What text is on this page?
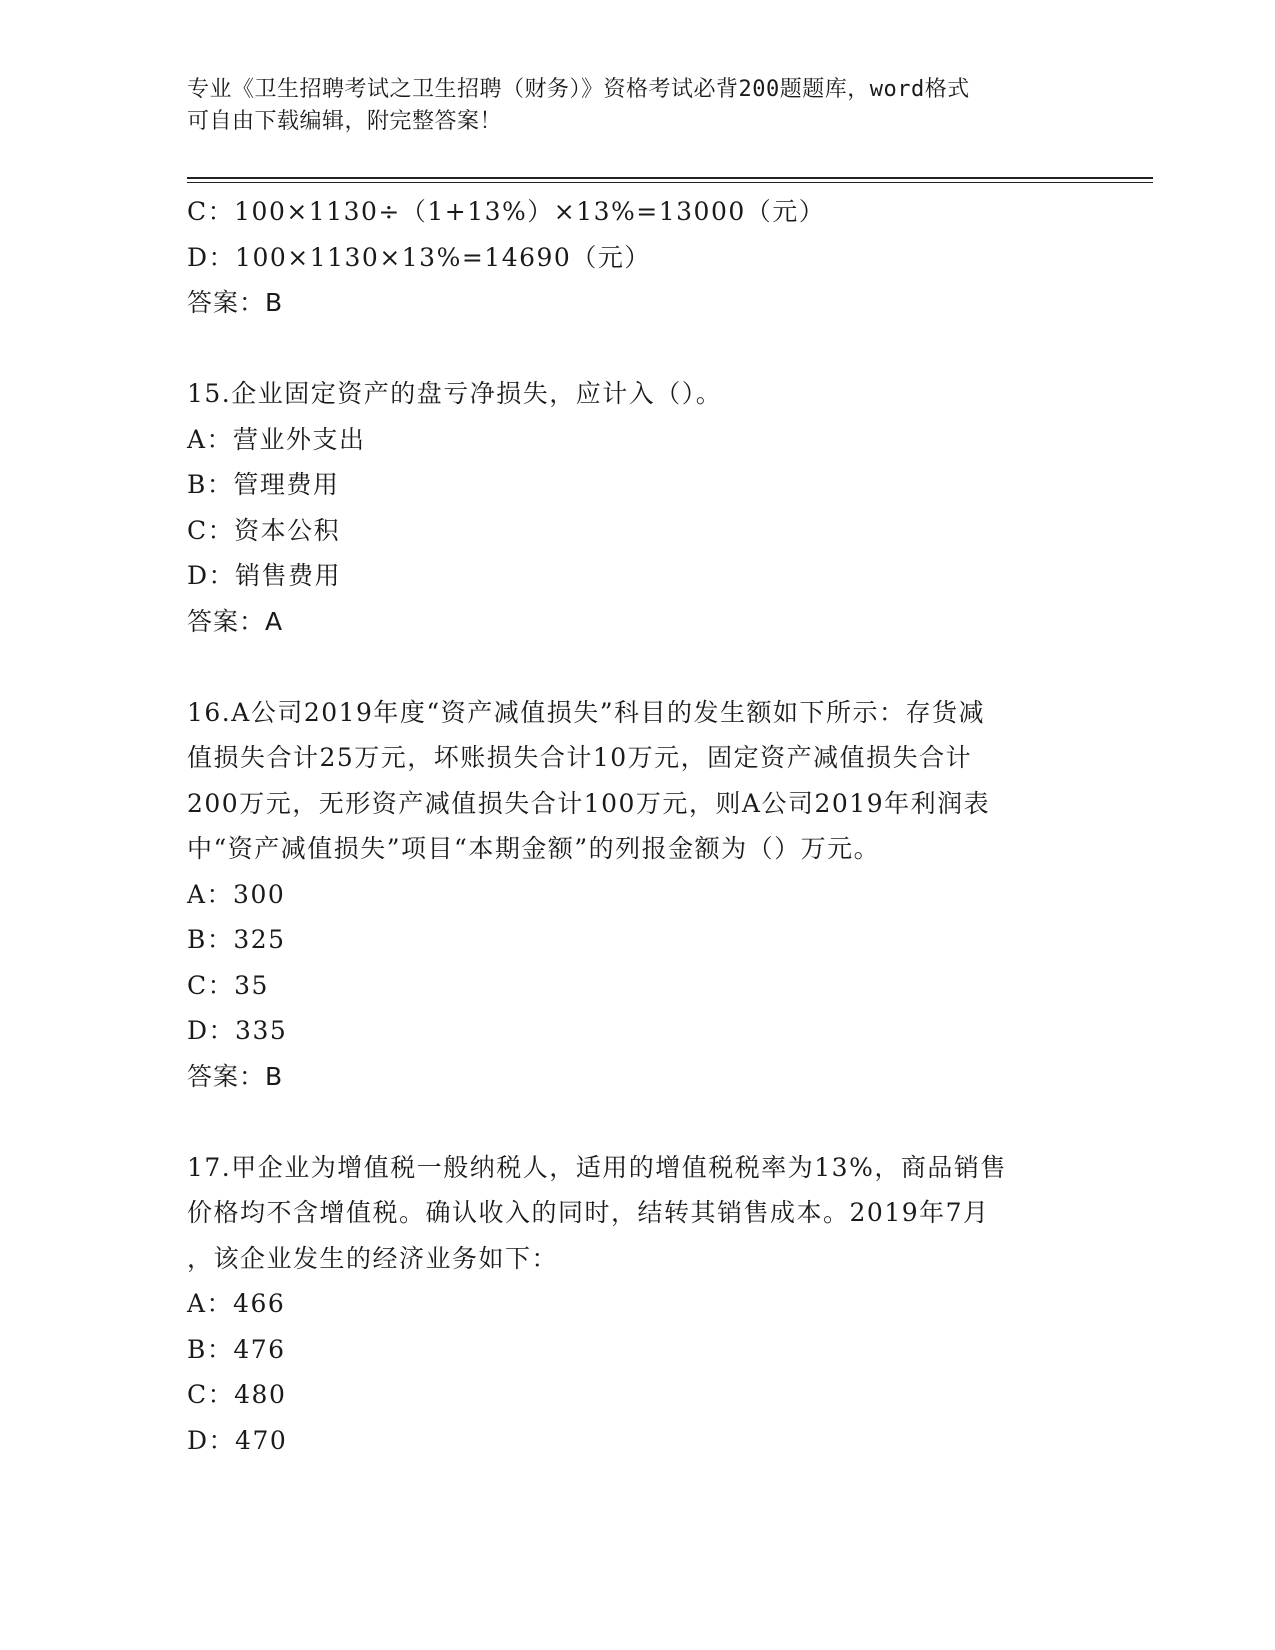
专业《卫生招聘考试之卫生招聘（财务）》资格考试必背200题题库，word格式
可自由下载编辑，附完整答案！
C：100×1130÷（1+13%）×13%=13000（元）
D：100×1130×13%=14690（元）
答案：B
15.企业固定资产的盘亏净损失，应计入（）。
A：营业外支出
B：管理费用
C：资本公积
D：销售费用
答案：A
16.A公司2019年度“资产减值损失”科目的发生额如下所示：存货减
值损失合计25万元，坏账损失合计10万元，固定资产减值损失合计
200万元，无形资产减值损失合计100万元，则A公司2019年利润表
中“资产减值损失”项目“本期金额”的列报金额为（）万元。
A：300
B：325
C：35
D：335
答案：B
17.甲企业为增值税一般纳税人，适用的增值税税率为13%，商品销售
价格均不含增值税。确认收入的同时，结转其销售成本。2019年7月
，该企业发生的经济业务如下：
A：466
B：476
C：480
D：470
